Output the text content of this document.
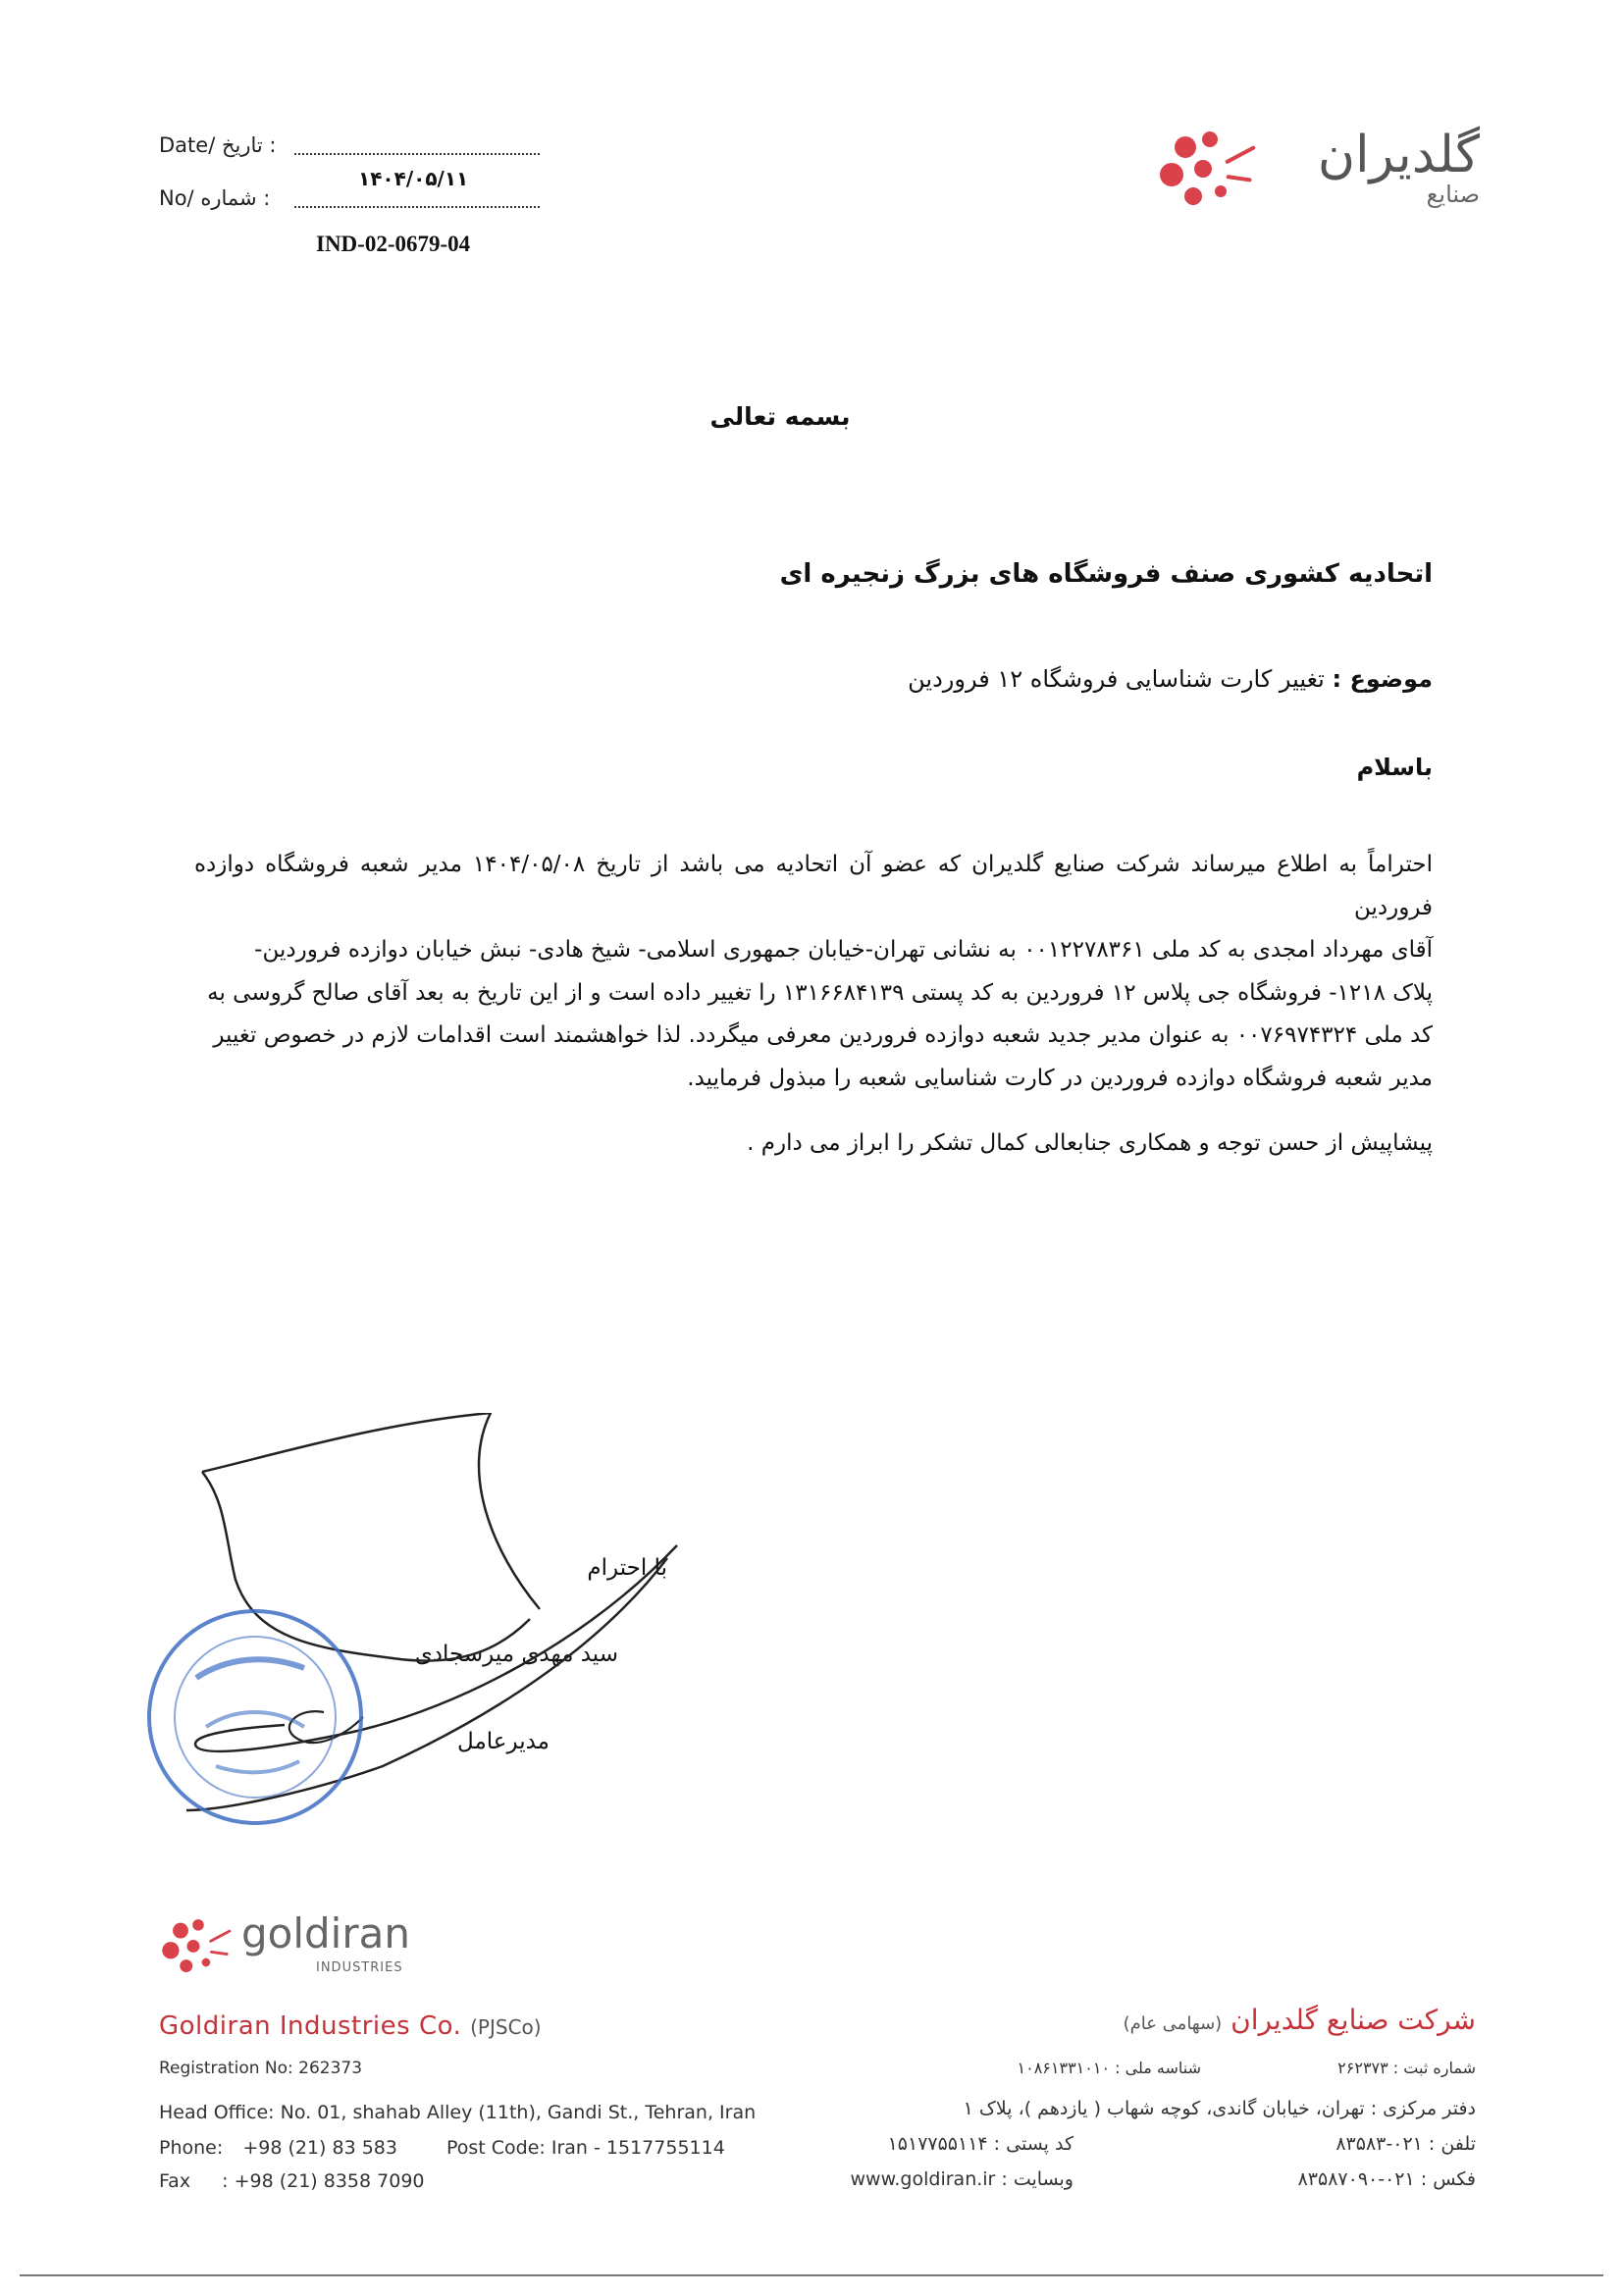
Date/ تاریخ :
۱۴۰۴/۰۵/۱۱
No/ شماره :
IND-02-0679-04
گلدیران
صنایع
بسمه تعالی
اتحادیه کشوری صنف فروشگاه های بزرگ زنجیره ای
موضوع : تغییر کارت شناسایی فروشگاه ۱۲ فروردین
باسلام
احتراماً به اطلاع میرساند شرکت صنایع گلدیران که عضو آن اتحادیه می باشد از تاریخ ۱۴۰۴/۰۵/۰۸ مدیر شعبه فروشگاه دوازده فروردین
آقای مهرداد امجدی به کد ملی ۰۰۱۲۲۷۸۳۶۱ به نشانی تهران-خیابان جمهوری اسلامی- شیخ هادی- نبش خیابان دوازده فروردین-
پلاک ۱۲۱۸- فروشگاه جی پلاس ۱۲ فروردین به کد پستی ۱۳۱۶۶۸۴۱۳۹ را تغییر داده است و از این تاریخ به بعد آقای صالح گروسی به
کد ملی ۰۰۷۶۹۷۴۳۲۴ به عنوان مدیر جدید شعبه دوازده فروردین معرفی میگردد. لذا خواهشمند است اقدامات لازم در خصوص تغییر
مدیر شعبه فروشگاه دوازده فروردین در کارت شناسایی شعبه را مبذول فرمایید.
پیشاپیش از حسن توجه و همکاری جنابعالی کمال تشکر را ابراز می دارم .
با احترام
سید مهدی میرسجادی
مدیرعامل
goldiran
INDUSTRIES
Goldiran Industries Co. (PJSCo)
Registration No: 262373
Head Office: No. 01, shahab Alley (11th), Gandi St., Tehran, Iran
Phone: +98 (21) 83 583	Post Code: Iran - 1517755114
Fax : +98 (21) 8358 7090
شرکت صنایع گلدیران (سهامی عام)
شماره ثبت : ۲۶۲۳۷۳
شناسه ملی : ۱۰۸۶۱۳۳۱۰۱۰
دفتر مرکزی : تهران، خیابان گاندی، کوچه شهاب ( یازدهم )، پلاک ۱
تلفن : ۰۲۱-۸۳۵۸۳
کد پستی : ۱۵۱۷۷۵۵۱۱۴
فکس : ۰۲۱-۸۳۵۸۷۰۹۰
وبسایت : www.goldiran.ir
